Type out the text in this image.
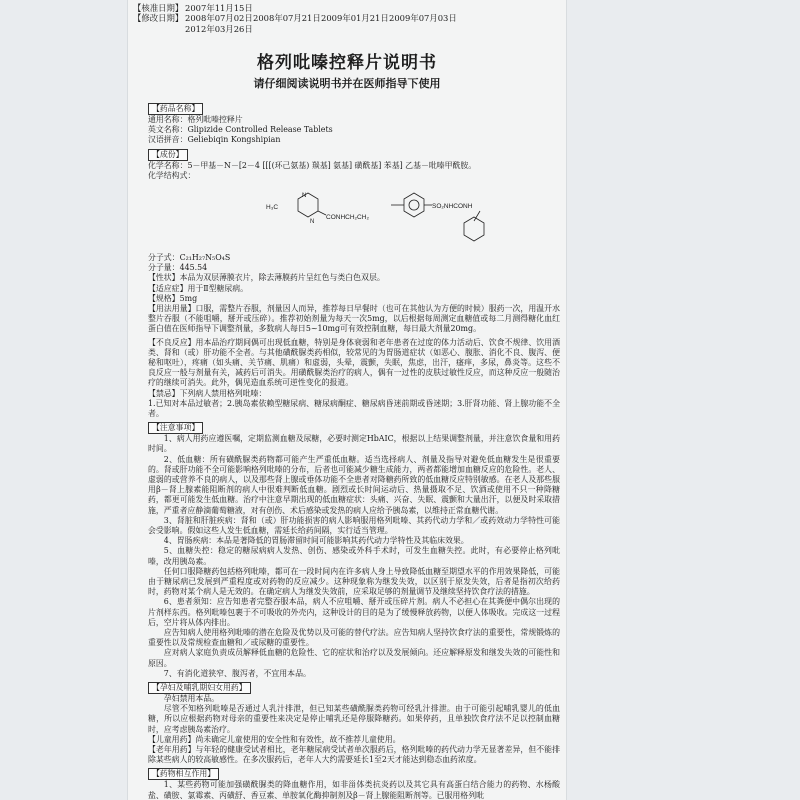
【核准日期】 2007年11月15日
【修改日期】 2008年07月02日 2008年07月21日 2009年01月21日 2009年07月03日
2012年03月26日
格列吡嗪控释片说明书
请仔细阅读说明书并在医师指导下使用
【药品名称】
通用名称：格列吡嗪控释片
英文名称：Glipizide Controlled Release Tablets
汉语拼音：Geliebiqin Kongshipian
【成份】
化学名称：5－甲基－N－[2－4 [[[(环己氨基) 羰基] 氨基] 磺酰基] 苯基] 乙基－吡嗪甲酰胺。
化学结构式：
H₃C
N
N
CONHCH₂CH₂
SO₂NHCONH
分子式：C₂₁H₂₇N₅O₄S
分子量：445.54
【性状】本品为双层薄膜衣片，除去薄膜药片呈红色与类白色双层。
【适应症】用于Ⅱ型糖尿病。
【规格】5mg
【用法用量】口服，需整片吞服，剂量因人而异，推荐每日早餐时（也可在其他认为方便的时候）服药一次，用温开水整片吞服（不能咀嚼，掰开或压碎）。推荐初始剂量为每天一次5mg，以后根据每周测定血糖值或每二月测得糖化血红蛋白值在医师指导下调整剂量，多数病人每日5~10mg可有效控制血糖，每日最大剂量20mg。
【不良反应】用本品治疗期间偶可出现低血糖，特别是身体衰弱和老年患者在过度的体力活动后、饮食不规律、饮用酒类、肾和（或）肝功能不全者。与其他磺酰脲类药相似，较常见的为胃肠道症状（如恶心、腹胀、消化不良、腹泻、便秘和呕吐），疼痛（如头痛、关节痛、肌痛）和虚弱，头晕，震颤，失眠，焦虑，出汗，瘙痒，多尿，鼻炎等。这些不良反应一般与剂量有关，减药后可消失。用磺酰脲类治疗的病人，偶有一过性的皮肤过敏性反应，而这种反应一般随治疗的继续可消失。此外，偶见造血系统可逆性变化的报道。
【禁忌】下列病人禁用格列吡嗪：
1.已知对本品过敏者；2.胰岛素依赖型糖尿病、糖尿病酮症、糖尿病昏迷前期或昏迷期；3.肝肾功能、肾上腺功能不全者。
【注意事项】
1、病人用药应遵医嘱，定期监测血糖及尿糖，必要时测定HbAIC，根据以上结果调整剂量，并注意饮食量和用药时间。
2、低血糖：所有磺酰脲类药物都可能产生严重低血糖。适当选择病人、剂量及指导对避免低血糖发生是很重要的。肾或肝功能不全可能影响格列吡嗪的分布，后者也可能减少糖生成能力，两者都能增加血糖反应的危险性。老人、虚弱的或营养不良的病人，以及那些肾上腺或垂体功能不全患者对降糖药所致的低血糖反应特别敏感。在老人及那些服用β－肾上腺素能阻断剂的病人中很难判断低血糖。剧烈或长时间运动后、热量摄取不足、饮酒或使用不只一种降糖药，都更可能发生低血糖。治疗中注意早期出现的低血糖症状：头痛、兴奋、失眠、震颤和大量出汗，以便及时采取措施，严重者应静滴葡萄糖液，对有创伤、术后感染或发热的病人应给予胰岛素，以维持正常血糖代谢。
3、肾脏和肝脏疾病：肾和（或）肝功能损害的病人影响服用格列吡嗪、其药代动力学和／或药效动力学特性可能会受影响。假如这些人发生低血糖，需延长给药间隔，实行适当管理。
4、胃肠疾病：本品是著降低的胃肠滞留时间可能影响其药代动力学特性及其临床效果。
5、血糖失控：稳定的糖尿病病人发热、创伤、感染或外科手术时，可发生血糖失控。此时，有必要停止格列吡嗪，改用胰岛素。
任何口服降糖药包括格列吡嗪，都可在一段时间内在许多病人身上导致降低血糖至期望水平的作用效果降低，可能由于糖尿病已发展到严重程度或对药物的反应减少。这种现象称为继发失效，以区别于原发失效，后者是指初次给药时，药物对某个病人是无效的。在确定病人为继发失效前，应采取足够的剂量调节及继续坚持饮食疗法的措施。
6、患者须知：应告知患者完整吞服本品，病人不应咀嚼、掰开或压碎片剂。病人不必担心在其粪便中偶尔出现的片剂样东西。格列吡嗪包裹于不可吸收的外壳内，这种设计的目的是为了缓慢释放药物，以便人体吸收。完成这一过程后，空片将从体内排出。
应告知病人使用格列吡嗪的潜在危险及优势以及可能的替代疗法。应告知病人坚持饮食疗法的重要性，常规锻炼的重要性以及常规检查血糖和／或尿糖的重要性。
应对病人家庭负责成员解释低血糖的危险性、它的症状和治疗以及发展倾向。还应解释原发和继发失效的可能性和原因。
7、有消化道狭窄、腹泻者，不宜用本品。
【孕妇及哺乳期妇女用药】
孕妇禁用本品。
尽管不知格列吡嗪是否通过人乳汁排泄，但已知某些磺酰脲类药物可经乳汁排泄。由于可能引起哺乳婴儿的低血糖，所以应根据药物对母亲的重要性来决定是停止哺乳还是停服降糖药。如果停药，且单独饮食疗法不足以控制血糖时，应考虑胰岛素治疗。
【儿童用药】尚未确定儿童使用的安全性和有效性，故不推荐儿童使用。
【老年用药】与年轻的健康受试者相比，老年糖尿病受试者单次服药后，格列吡嗪的药代动力学无显著差异，但不能排除某些病人的较高敏感性。在多次服药后，老年人大约需要延长1至2天才能达到稳态血药浓度。
【药物相互作用】
1、某些药物可能加强磺酰脲类的降血糖作用，如非甾体类抗炎药以及其它具有高蛋白结合能力的药物、水杨酸盐、磺胺、氯霉素、丙磺舒、香豆素、单胺氧化酶抑制剂及β－肾上腺能阻断剂等。已服用格列吡
